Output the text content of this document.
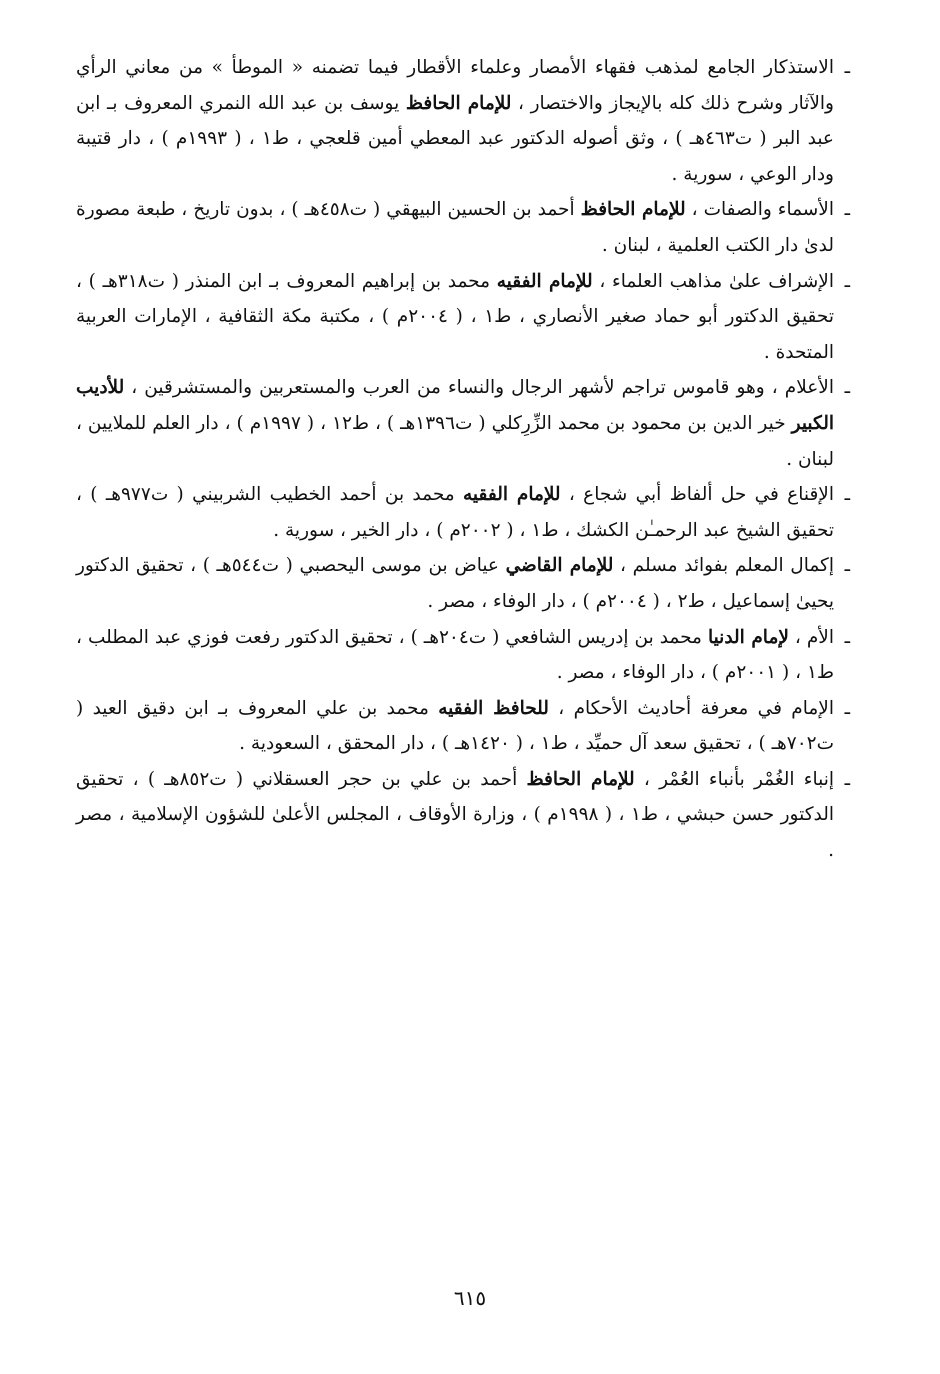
ـالاستذكار الجامع لمذهب فقهاء الأمصار وعلماء الأقطار فيما تضمنه « الموطأ » من معاني الرأي والآثار وشرح ذلك كله بالإيجاز والاختصار ، للإمام الحافظ يوسف بن عبد الله النمري المعروف بـ ابن عبد البر ( ت٤٦٣هـ ) ، وثق أصوله الدكتور عبد المعطي أمين قلعجي ، ط١ ، ( ١٩٩٣م ) ، دار قتيبة ودار الوعي ، سورية .
ـالأسماء والصفات ، للإمام الحافظ أحمد بن الحسين البيهقي ( ت٤٥٨هـ ) ، بدون تاريخ ، طبعة مصورة لدىٰ دار الكتب العلمية ، لبنان .
ـالإشراف علىٰ مذاهب العلماء ، للإمام الفقيه محمد بن إبراهيم المعروف بـ ابن المنذر ( ت٣١٨هـ ) ، تحقيق الدكتور أبو حماد صغير الأنصاري ، ط١ ، ( ٢٠٠٤م ) ، مكتبة مكة الثقافية ، الإمارات العربية المتحدة .
ـالأعلام ، وهو قاموس تراجم لأشهر الرجال والنساء من العرب والمستعربين والمستشرقين ، للأديب الكبير خير الدين بن محمود بن محمد الزِّرِكلي ( ت١٣٩٦هـ ) ، ط١٢ ، ( ١٩٩٧م ) ، دار العلم للملايين ، لبنان .
ـالإقناع في حل ألفاظ أبي شجاع ، للإمام الفقيه محمد بن أحمد الخطيب الشربيني ( ت٩٧٧هـ ) ، تحقيق الشيخ عبد الرحمـٰن الكشك ، ط١ ، ( ٢٠٠٢م ) ، دار الخير ، سورية .
ـإكمال المعلم بفوائد مسلم ، للإمام القاضي عياض بن موسى اليحصبي ( ت٥٤٤هـ ) ، تحقيق الدكتور يحيىٰ إسماعيل ، ط٢ ، ( ٢٠٠٤م ) ، دار الوفاء ، مصر .
ـالأم ، لإمام الدنيا محمد بن إدريس الشافعي ( ت٢٠٤هـ ) ، تحقيق الدكتور رفعت فوزي عبد المطلب ، ط١ ، ( ٢٠٠١م ) ، دار الوفاء ، مصر .
ـالإمام في معرفة أحاديث الأحكام ، للحافظ الفقيه محمد بن علي المعروف بـ ابن دقيق العيد ( ت٧٠٢هـ ) ، تحقيق سعد آل حميِّد ، ط١ ، ( ١٤٢٠هـ ) ، دار المحقق ، السعودية .
ـإنباء الغُمْر بأنباء العُمْر ، للإمام الحافظ أحمد بن علي بن حجر العسقلاني ( ت٨٥٢هـ ) ، تحقيق الدكتور حسن حبشي ، ط١ ، ( ١٩٩٨م ) ، وزارة الأوقاف ، المجلس الأعلىٰ للشؤون الإسلامية ، مصر .
٦١٥
